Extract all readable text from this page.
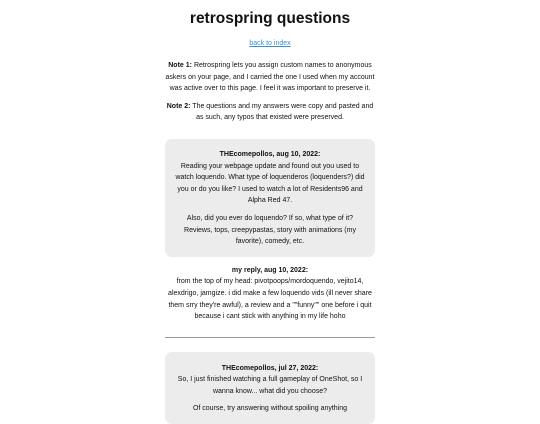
retrospring questions
back to index
Note 1: Retrospring lets you assign custom names to anonymous askers on your page, and I carried the one I used when my account was active over to this page. I feel it was important to preserve it.
Note 2: The questions and my answers were copy and pasted and as such, any typos that existed were preserved.
THEcomepollos, aug 10, 2022:

Reading your webpage update and found out you used to watch loquendo. What type of loquenderos (loquenders?) did you or do you like? I used to watch a lot of Residents96 and Alpha Red 47.

Also, did you ever do loquendo? If so, what type of it? Reviews, tops, creepypastas, story with animations (my favorite), comedy, etc.

my reply, aug 10, 2022:
from the top of my head: pivotpoops/mordoquendo, vejito14, alexdrigo, jamgize. i did make a few loquendo vids (ill never share them srry they're awful), a review and a ""funny"" one before i quit because i cant stick with anything in my life hoho
THEcomepollos, jul 27, 2022:

So, I just finished watching a full gameplay of OneShot, so I wanna know... what did you choose?

Of course, try answering without spoiling anything
